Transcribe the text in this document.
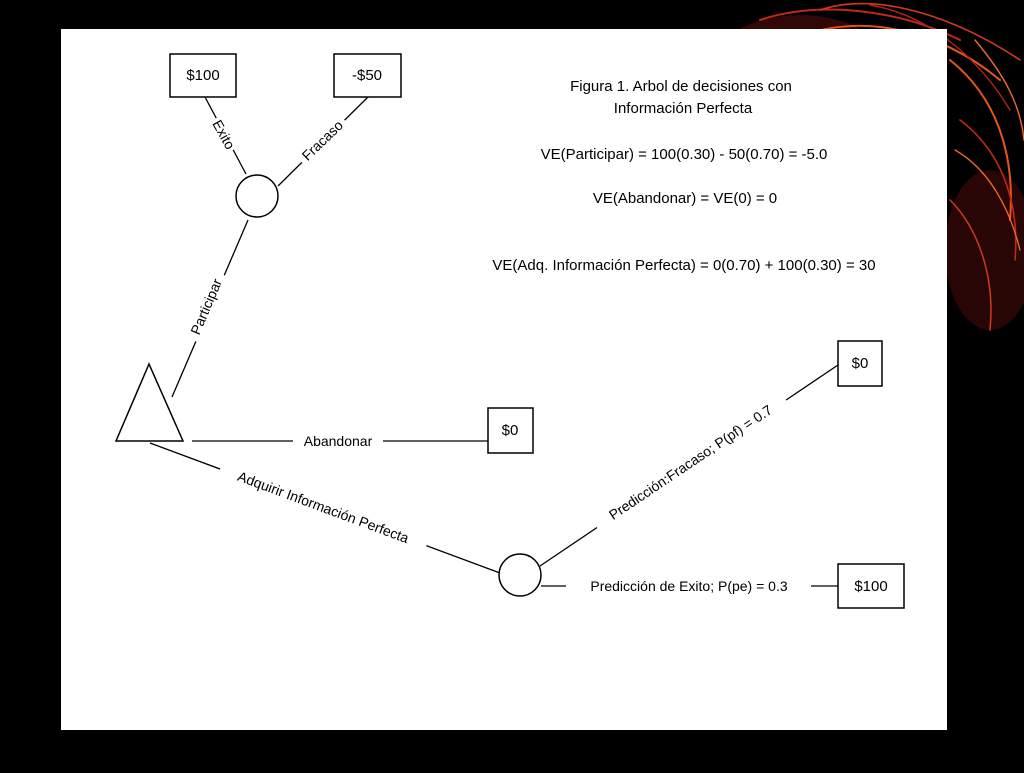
Figura 1. Arbol de decisiones con
Información Perfecta
VE(Participar) = 100(0.30) - 50(0.70) = -5.0
VE(Abandonar) = VE(0) = 0
VE(Adq. Información Perfecta) = 0(0.70) + 100(0.30) = 30
Exito	Fracaso
Participar
Abandonar
Adquirir Información Perfecta	Predicción:Fracaso; P(pf) = 0.7
Predicción de Exito; P(pe) = 0.3
$100	-$50
$0
$0
$100
